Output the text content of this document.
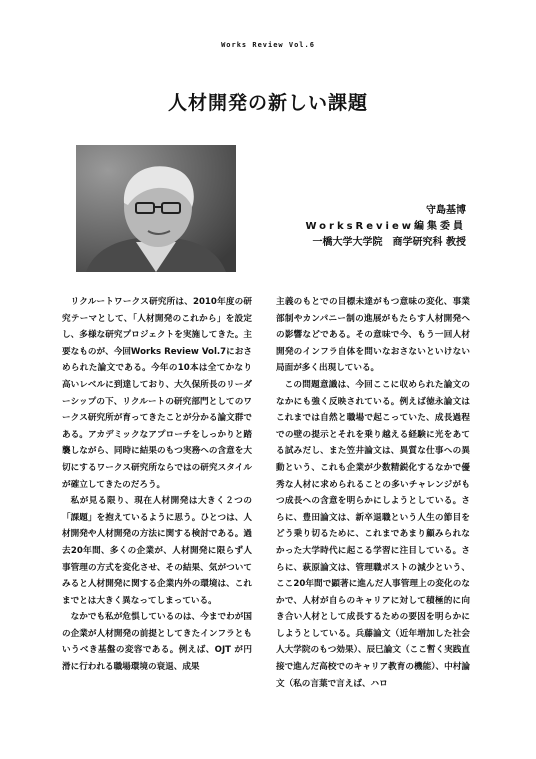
Works Review Vol.6
人材開発の新しい課題
守島基博
WorksReview編集委員
一橋大学大学院　商学研究科 教授

リクルートワークス研究所は、2010年度の研究テーマとして、「人材開発のこれから」を設定し、多様な研究プロジェクトを実施してきた。主要なものが、今回Works Review Vol.7におさめられた論文である。今年の10本は全てかなり高いレベルに到達しており、大久保所長のリーダーシップの下、リクルートの研究部門としてのワークス研究所が育ってきたことが分かる論文群である。アカデミックなアプローチをしっかりと踏襲しながら、同時に結果のもつ実務への含意を大切にするワークス研究所ならではの研究スタイルが確立してきたのだろう。

私が見る限り、現在人材開発は大きく２つの「課題」を抱えているように思う。ひとつは、人材開発や人材開発の方法に関する検討である。過去20年間、多くの企業が、人材開発に限らず人事管理の方式を変化させ、その結果、気がついてみると人材開発に関する企業内外の環境は、これまでとは大きく異なってしまっている。

なかでも私が危惧しているのは、今までわが国の企業が人材開発の前提としてきたインフラともいうべき基盤の変容である。例えば、OJT が円滑に行われる職場環境の衰退、成果

主義のもとでの目標未達がもつ意味の変化、事業部制やカンパニー制の進展がもたらす人材開発への影響などである。その意味で今、もう一回人材開発のインフラ自体を問いなおさないといけない局面が多く出現している。

この問題意識は、今回ここに収められた論文のなかにも強く反映されている。例えば徳永論文はこれまでは自然と職場で起こっていた、成長過程での壁の提示とそれを乗り越える経験に光をあてる試みだし、また笠井論文は、異質な仕事への異動という、これも企業が少数精鋭化するなかで優秀な人材に求められることの多いチャレンジがもつ成長への含意を明らかにしようとしている。さらに、豊田論文は、新卒退職という人生の節目をどう乗り切るために、これまであまり顧みられなかった大学時代に起こる学習に注目している。さらに、萩原論文は、管理職ポストの減少という、ここ20年間で顕著に進んだ人事管理上の変化のなかで、人材が自らのキャリアに対して積極的に向き合い人材として成長するための要因を明らかにしようとしている。兵藤論文（近年増加した社会人大学院のもつ効果）、辰巳論文（ここ暫く実践直接で進んだ高校でのキャリア教育の機能）、中村論文（私の言葉で言えば、ハロ
